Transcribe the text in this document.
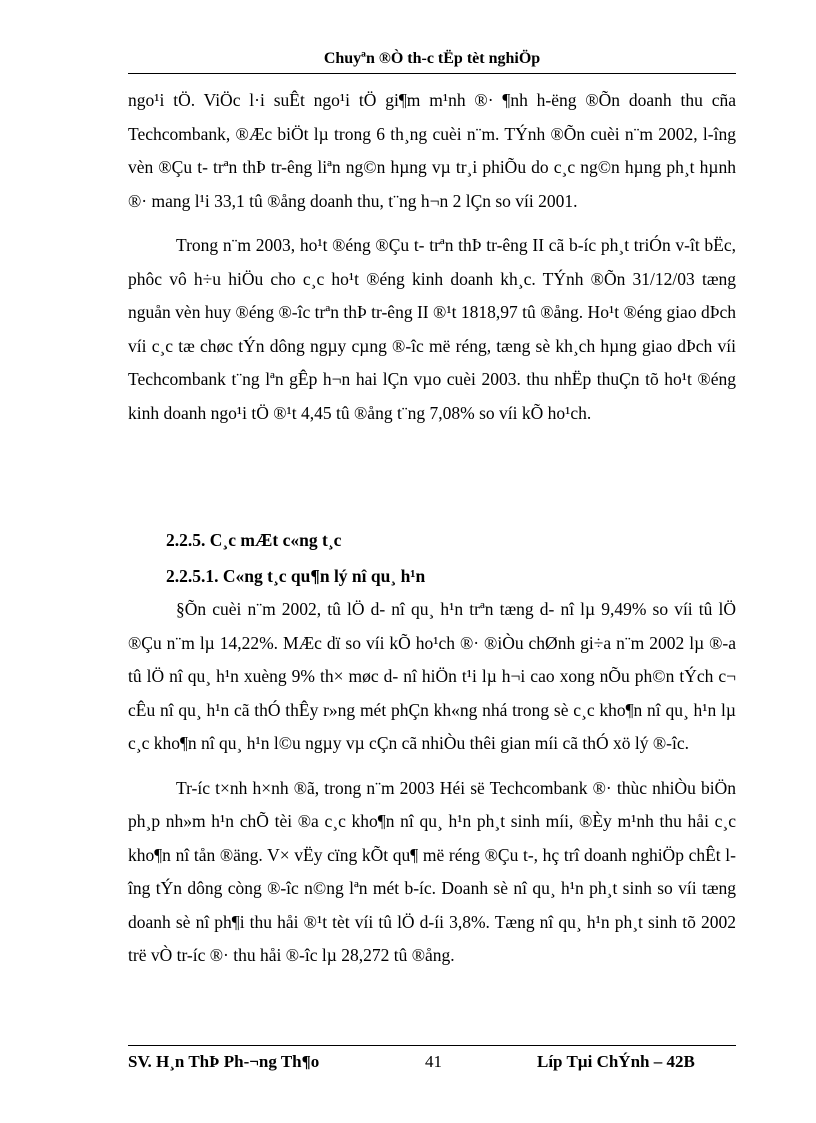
Chuyªn ®Ò th-c tËp tèt nghiÖp

ngo¹i tÖ. ViÖc l·i suÊt ngo¹i tÖ gi¶m m¹nh ®· ¶nh h-ëng ®Õn doanh thu cña Techcombank, ®Æc biÖt lµ trong 6 th¸ng cuèi n¨m. TÝnh ®Õn cuèi n¨m 2002, l-îng vèn ®Çu t- trªn thÞ tr-êng liªn ng©n hµng vµ tr¸i phiÕu do c¸c ng©n hµng ph¸t hµnh ®· mang l¹i 33,1 tû ®ång doanh thu, t¨ng h¬n 2 lÇn so víi 2001.

Trong n¨m 2003, ho¹t ®éng ®Çu t- trªn thÞ tr-êng II cã b-íc ph¸t triÓn v-ît bËc, phôc vô h÷u hiÖu cho c¸c ho¹t ®éng kinh doanh kh¸c. TÝnh ®Õn 31/12/03 tæng nguån vèn huy ®éng ®-îc trªn thÞ tr-êng II ®¹t 1818,97 tû ®ång. Ho¹t ®éng giao dÞch víi c¸c tæ chøc tÝn dông ngµy cµng ®-îc më réng, tæng sè kh¸ch hµng giao dÞch víi Techcombank t¨ng lªn gÊp h¬n hai lÇn vµo cuèi 2003. thu nhËp thuÇn tõ ho¹t ®éng kinh doanh ngo¹i tÖ ®¹t 4,45 tû ®ång t¨ng 7,08% so víi kÕ ho¹ch.

2.2.5. C¸c mÆt c«ng t¸c
2.2.5.1. C«ng t¸c qu¶n lý nî qu¸ h¹n

§Õn cuèi n¨m 2002, tû lÖ d- nî qu¸ h¹n trªn tæng d- nî lµ 9,49% so víi tû lÖ ®Çu n¨m lµ 14,22%. MÆc dï so víi kÕ ho¹ch ®· ®iÒu chØnh gi÷a n¨m 2002 lµ ®-a tû lÖ nî qu¸ h¹n xuèng 9% th× møc d- nî hiÖn t¹i lµ h¬i cao xong nÕu ph©n tÝch c¬ cÊu nî qu¸ h¹n cã thÓ thÊy r»ng mét phÇn kh«ng nhá trong sè c¸c kho¶n nî qu¸ h¹n lµ c¸c kho¶n nî qu¸ h¹n l©u ngµy vµ cÇn cã nhiÒu thêi gian míi cã thÓ xö lý ®-îc.

Tr-íc t×nh h×nh ®ã, trong n¨m 2003 Héi së Techcombank ®· thùc nhiÒu biÖn ph¸p nh»m h¹n chÕ tèi ®a c¸c kho¶n nî qu¸ h¹n ph¸t sinh míi, ®Èy m¹nh thu håi c¸c kho¶n nî tån ®äng. V× vËy cïng kÕt qu¶ më réng ®Çu t-, hç trî doanh nghiÖp chÊt l-îng tÝn dông còng ®-îc n©ng lªn mét b-íc. Doanh sè nî qu¸ h¹n ph¸t sinh so víi tæng doanh sè nî ph¶i thu håi ®¹t tèt víi tû lÖ d-íi 3,8%. Tæng nî qu¸ h¹n ph¸t sinh tõ 2002 trë vÒ tr-íc ®· thu håi ®-îc lµ 28,272 tû ®ång.

SV. H¸n ThÞ Ph-¬ng Th¶o	41	Líp Tµi ChÝnh – 42B
